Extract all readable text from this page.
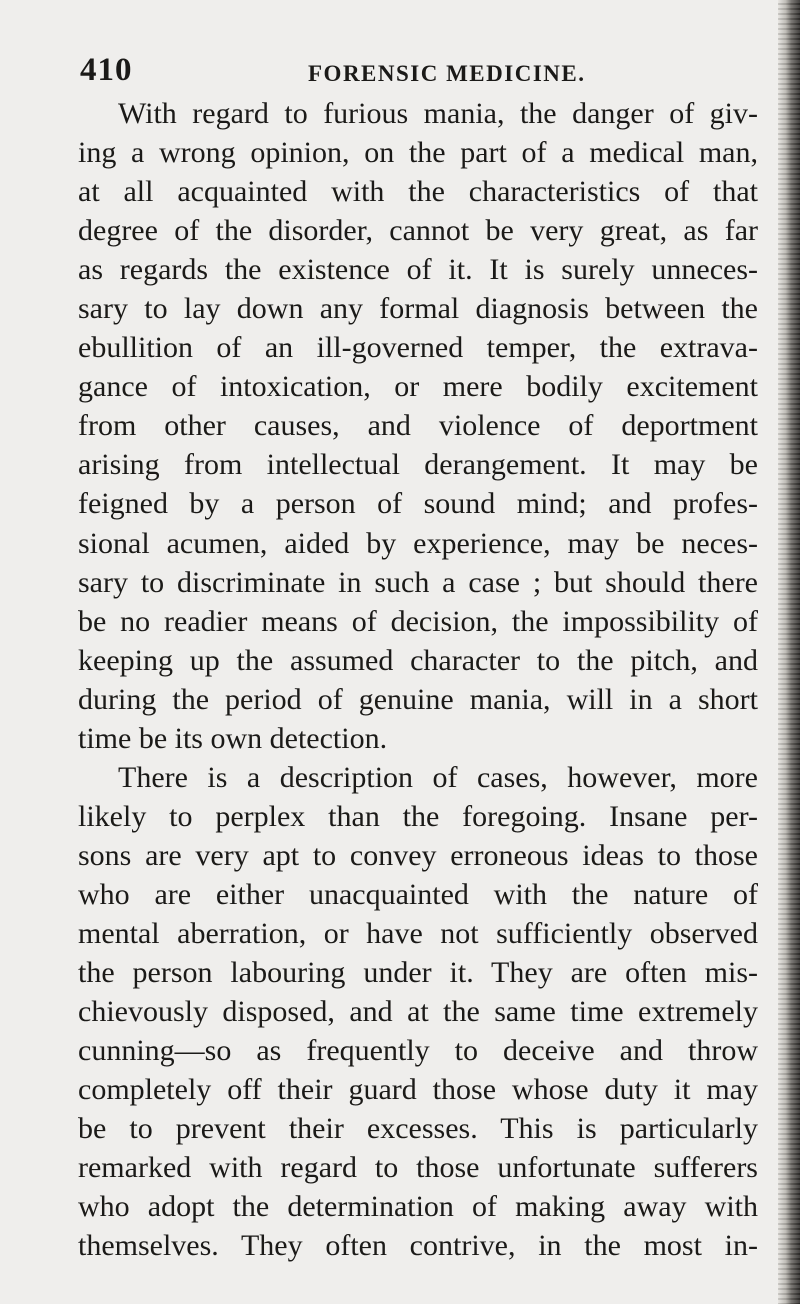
410	FORENSIC MEDICINE.
With regard to furious mania, the danger of giv-
ing a wrong opinion, on the part of a medical man,
at all acquainted with the characteristics of that
degree of the disorder, cannot be very great, as far
as regards the existence of it. It is surely unneces-
sary to lay down any formal diagnosis between the
ebullition of an ill-governed temper, the extrava-
gance of intoxication, or mere bodily excitement
from other causes, and violence of deportment
arising from intellectual derangement. It may be
feigned by a person of sound mind; and profes-
sional acumen, aided by experience, may be neces-
sary to discriminate in such a case ; but should there
be no readier means of decision, the impossibility of
keeping up the assumed character to the pitch, and
during the period of genuine mania, will in a short
time be its own detection.
There is a description of cases, however, more
likely to perplex than the foregoing. Insane per-
sons are very apt to convey erroneous ideas to those
who are either unacquainted with the nature of
mental aberration, or have not sufficiently observed
the person labouring under it. They are often mis-
chievously disposed, and at the same time extremely
cunning—so as frequently to deceive and throw
completely off their guard those whose duty it may
be to prevent their excesses. This is particularly
remarked with regard to those unfortunate sufferers
who adopt the determination of making away with
themselves. They often contrive, in the most in-
